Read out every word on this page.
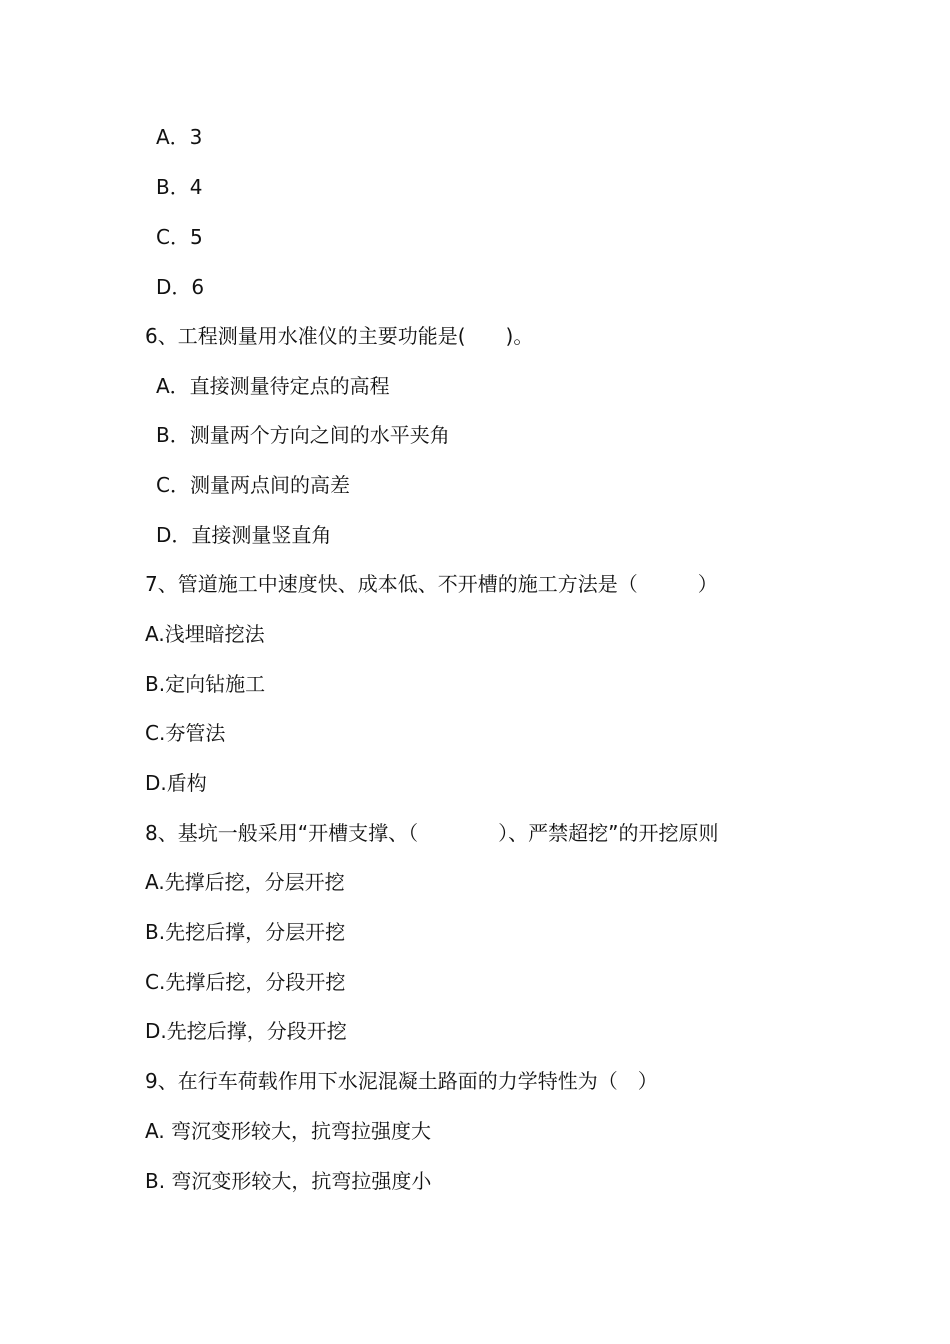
A．3
B．4
C．5
D．6
6、工程测量用水准仪的主要功能是(　　)。
A．直接测量待定点的高程
B．测量两个方向之间的水平夹角
C．测量两点间的高差
D．直接测量竖直角
7、管道施工中速度快、成本低、不开槽的施工方法是（　　　）
A.浅埋暗挖法
B.定向钻施工
C.夯管法
D.盾构
8、基坑一般采用“开槽支撑、（　　　　）、严禁超挖”的开挖原则
A.先撑后挖，分层开挖
B.先挖后撑，分层开挖
C.先撑后挖，分段开挖
D.先挖后撑，分段开挖
9、在行车荷载作用下水泥混凝土路面的力学特性为（　）
A. 弯沉变形较大，抗弯拉强度大
B. 弯沉变形较大，抗弯拉强度小
